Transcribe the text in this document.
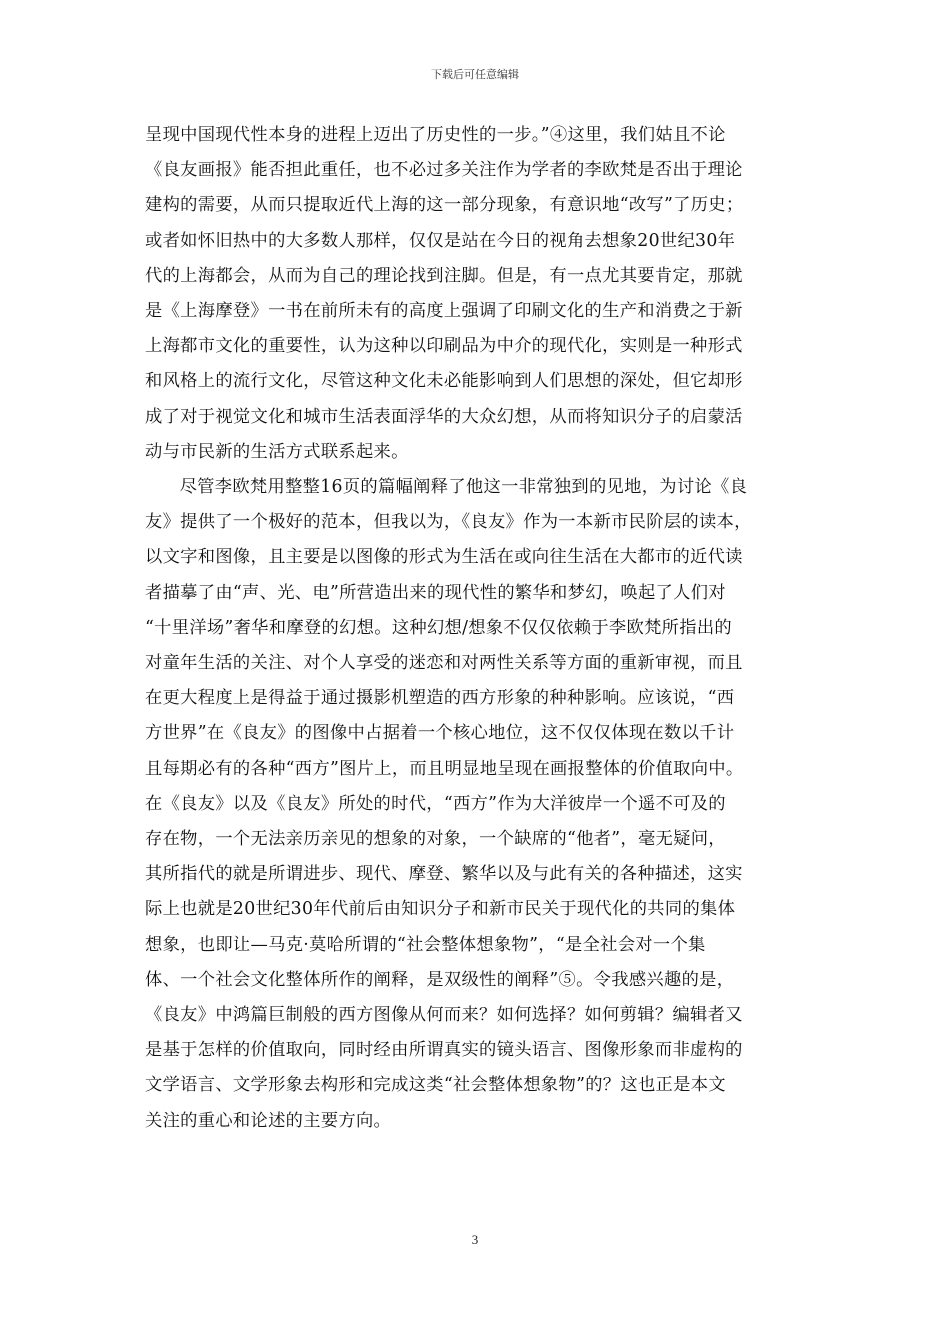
下载后可任意编辑

呈现中国现代性本身的进程上迈出了历史性的一步。”④这里，我们姑且不论
《良友画报》能否担此重任，也不必过多关注作为学者的李欧梵是否出于理论
建构的需要，从而只提取近代上海的这一部分现象，有意识地“改写”了历史；
或者如怀旧热中的大多数人那样，仅仅是站在今日的视角去想象20世纪30年
代的上海都会，从而为自己的理论找到注脚。但是，有一点尤其要肯定，那就
是《上海摩登》一书在前所未有的高度上强调了印刷文化的生产和消费之于新
上海都市文化的重要性，认为这种以印刷品为中介的现代化，实则是一种形式
和风格上的流行文化，尽管这种文化未必能影响到人们思想的深处，但它却形
成了对于视觉文化和城市生活表面浮华的大众幻想，从而将知识分子的启蒙活
动与市民新的生活方式联系起来。

尽管李欧梵用整整16页的篇幅阐释了他这一非常独到的见地，为讨论《良
友》提供了一个极好的范本，但我以为，《良友》作为一本新市民阶层的读本，
以文字和图像，且主要是以图像的形式为生活在或向往生活在大都市的近代读
者描摹了由“声、光、电”所营造出来的现代性的繁华和梦幻，唤起了人们对
“十里洋场”奢华和摩登的幻想。这种幻想/想象不仅仅依赖于李欧梵所指出的
对童年生活的关注、对个人享受的迷恋和对两性关系等方面的重新审视，而且
在更大程度上是得益于通过摄影机塑造的西方形象的种种影响。应该说，“西
方世界”在《良友》的图像中占据着一个核心地位，这不仅仅体现在数以千计
且每期必有的各种“西方”图片上，而且明显地呈现在画报整体的价值取向中。
在《良友》以及《良友》所处的时代，“西方”作为大洋彼岸一个遥不可及的
存在物，一个无法亲历亲见的想象的对象，一个缺席的“他者”，毫无疑问，
其所指代的就是所谓进步、现代、摩登、繁华以及与此有关的各种描述，这实
际上也就是20世纪30年代前后由知识分子和新市民关于现代化的共同的集体
想象，也即让—马克·莫哈所谓的“社会整体想象物”，“是全社会对一个集
体、一个社会文化整体所作的阐释，是双级性的阐释”⑤。令我感兴趣的是，
《良友》中鸿篇巨制般的西方图像从何而来？如何选择？如何剪辑？编辑者又
是基于怎样的价值取向，同时经由所谓真实的镜头语言、图像形象而非虚构的
文学语言、文学形象去构形和完成这类“社会整体想象物”的？这也正是本文
关注的重心和论述的主要方向。

3
